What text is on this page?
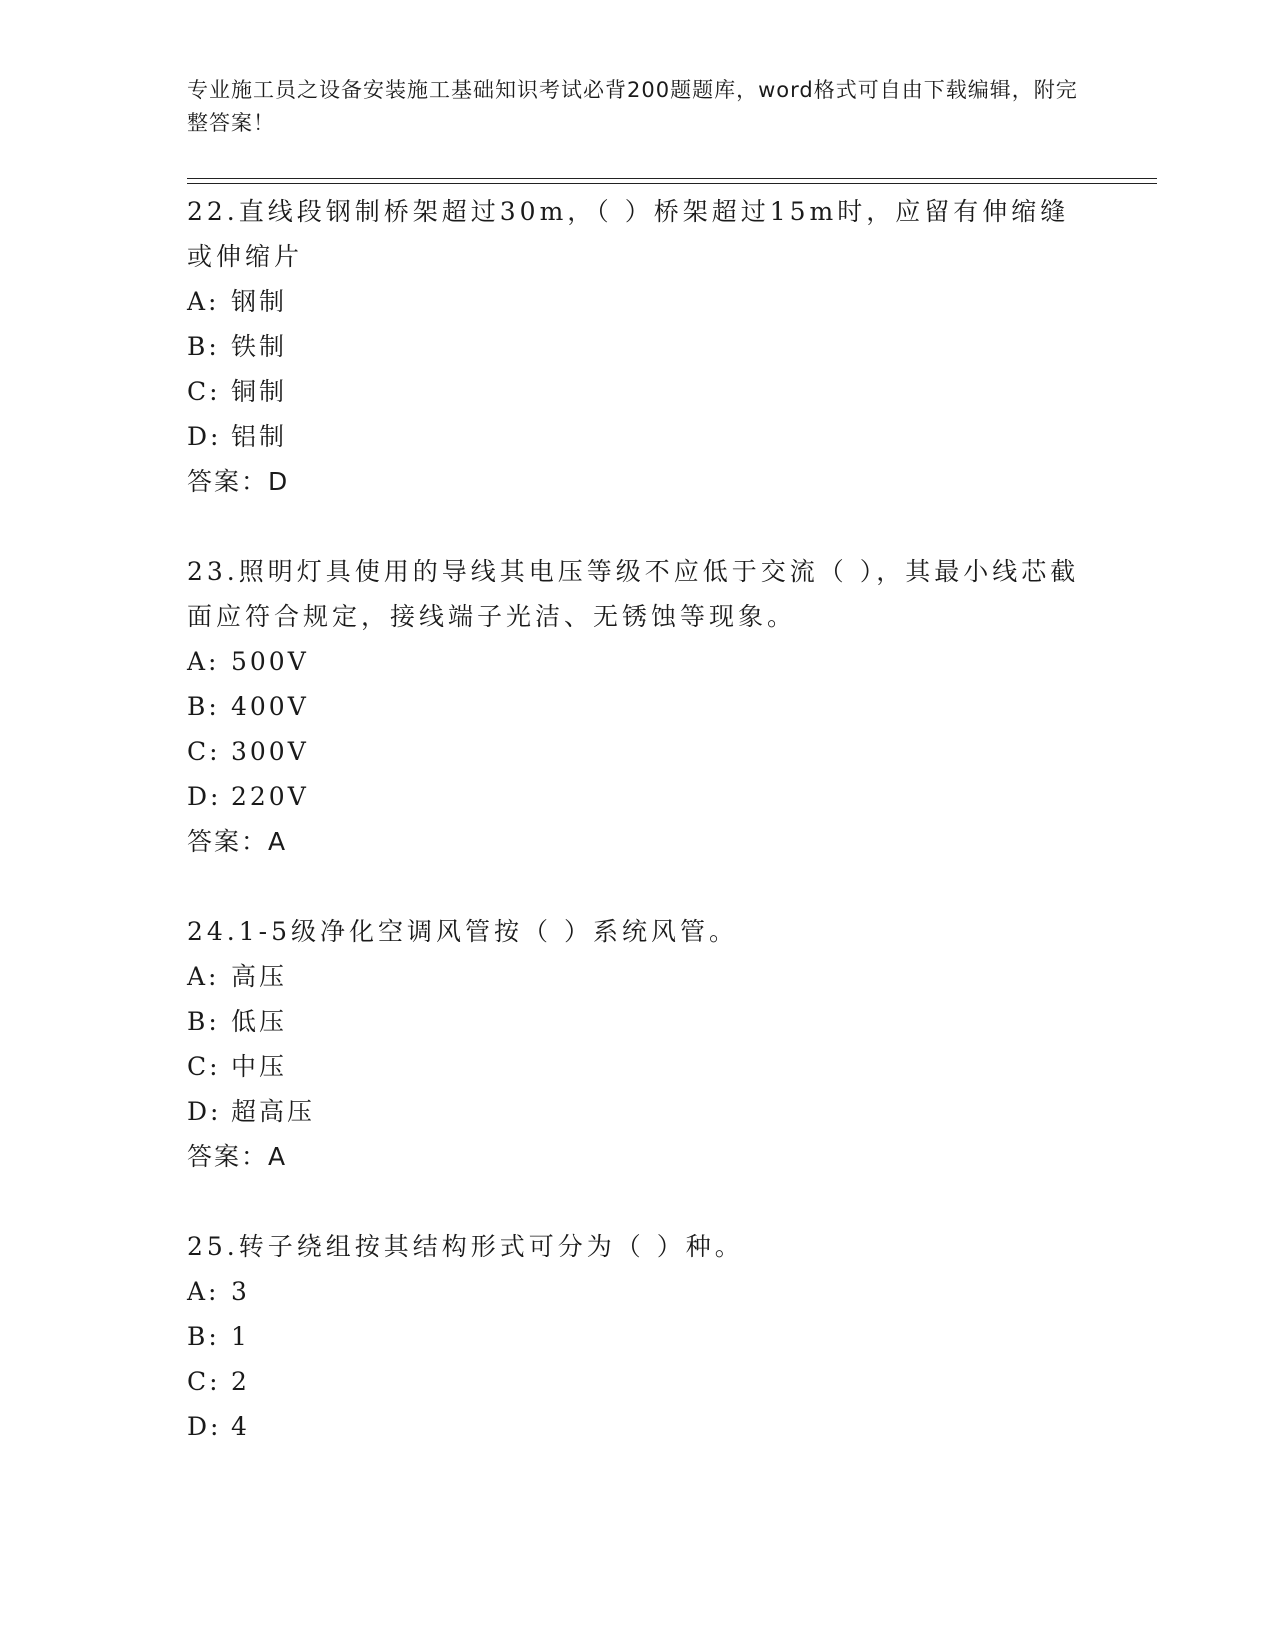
专业施工员之设备安装施工基础知识考试必背200题题库，word格式可自由下载编辑，附完整答案！
22.直线段钢制桥架超过30m，（ ）桥架超过15m时，应留有伸缩缝或伸缩片
A: 钢制
B: 铁制
C: 铜制
D: 铝制
答案：D
23.照明灯具使用的导线其电压等级不应低于交流（ ），其最小线芯截面应符合规定，接线端子光洁、无锈蚀等现象。
A: 500V
B: 400V
C: 300V
D: 220V
答案：A
24.1-5级净化空调风管按（ ）系统风管。
A: 高压
B: 低压
C: 中压
D: 超高压
答案：A
25.转子绕组按其结构形式可分为（ ）种。
A: 3
B: 1
C: 2
D: 4
